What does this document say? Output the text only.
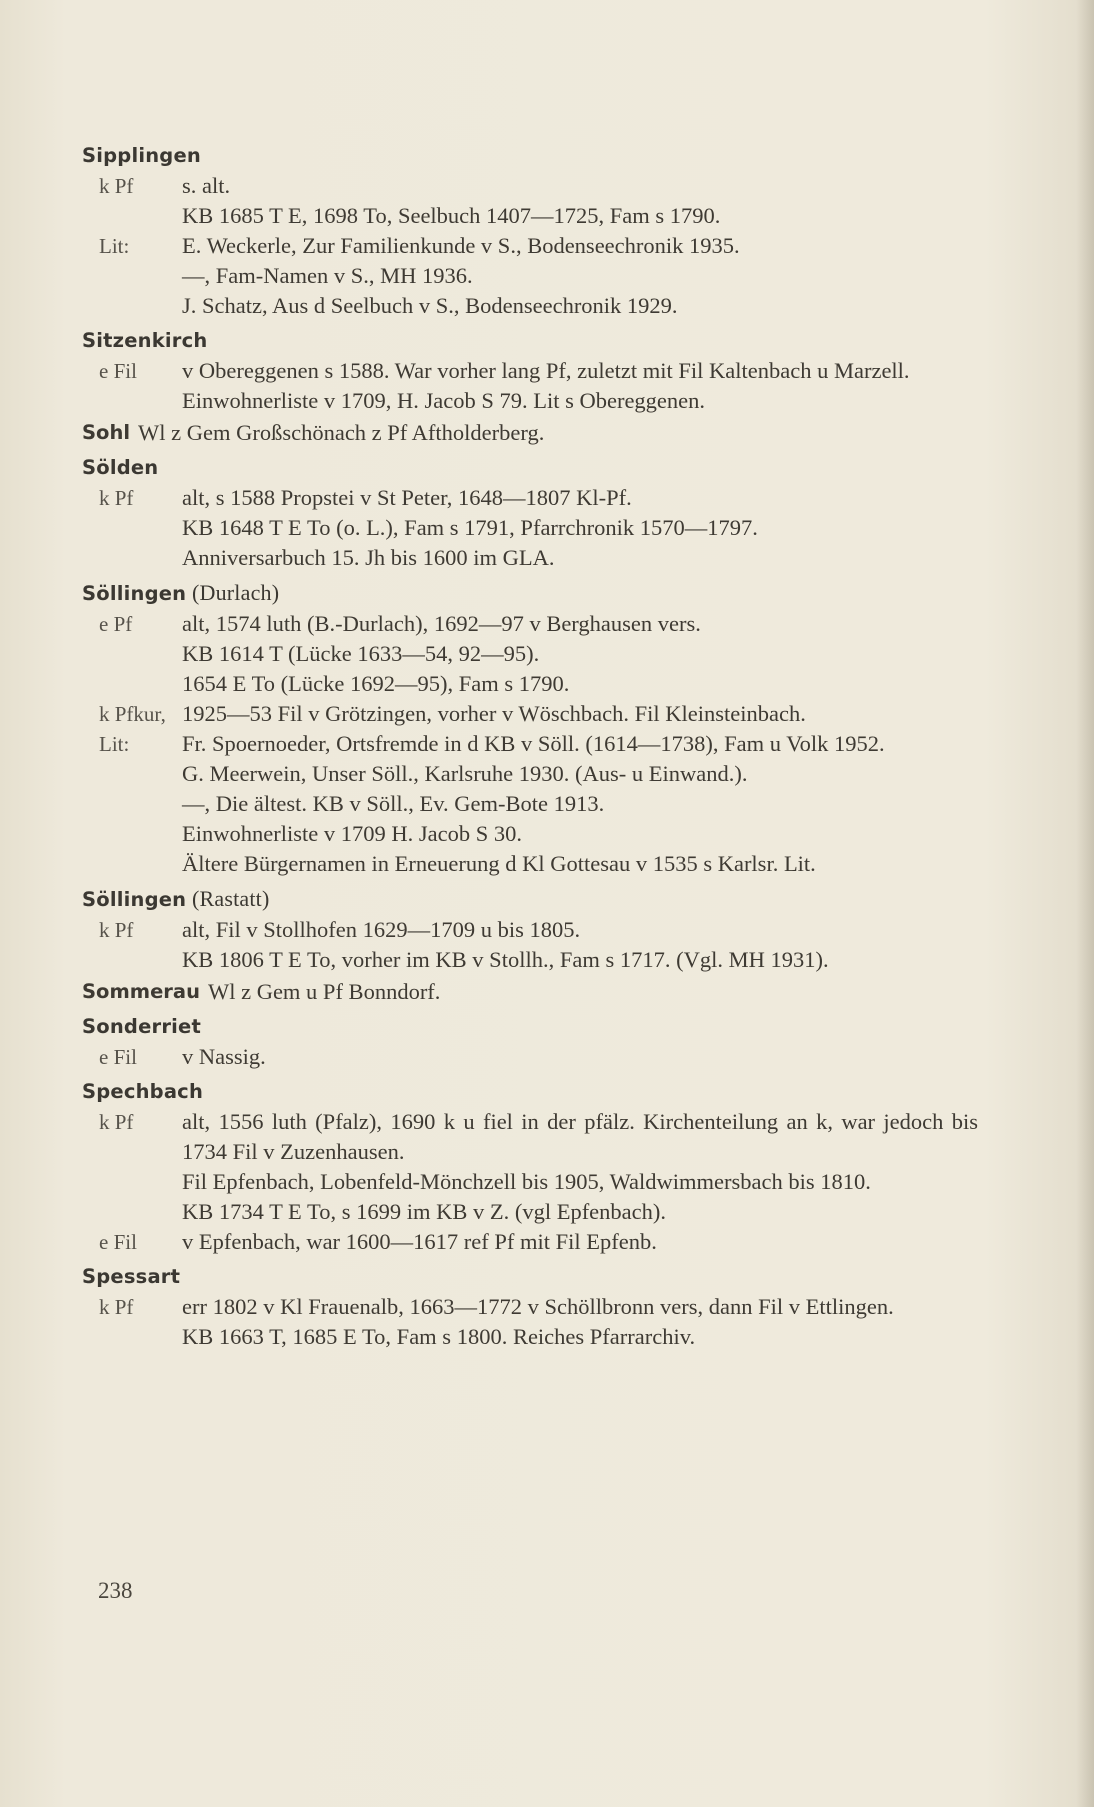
Sipplingen
k Pf	s. alt.
KB 1685 T E, 1698 To, Seelbuch 1407—1725, Fam s 1790.
Lit:	E. Weckerle, Zur Familienkunde v S., Bodenseechronik 1935.
—, Fam-Namen v S., MH 1936.
J. Schatz, Aus d Seelbuch v S., Bodenseechronik 1929.
Sitzenkirch
e Fil	v Obereggenen s 1588. War vorher lang Pf, zuletzt mit Fil Kaltenbach u Marzell.
Einwohnerliste v 1709, H. Jacob S 79. Lit s Obereggenen.
Sohl Wl z Gem Großschönach z Pf Aftholderberg.
Sölden
k Pf	alt, s 1588 Propstei v St Peter, 1648—1807 Kl-Pf.
KB 1648 T E To (o. L.), Fam s 1791, Pfarrchronik 1570—1797.
Anniversarbuch 15. Jh bis 1600 im GLA.
Söllingen (Durlach)
e Pf	alt, 1574 luth (B.-Durlach), 1692—97 v Berghausen vers.
KB 1614 T (Lücke 1633—54, 92—95).
1654 E To (Lücke 1692—95), Fam s 1790.
k Pfkur, 1925—53 Fil v Grötzingen, vorher v Wöschbach. Fil Kleinsteinbach.
Lit:	Fr. Spoernoeder, Ortsfremde in d KB v Söll. (1614—1738), Fam u Volk 1952.
G. Meerwein, Unser Söll., Karlsruhe 1930. (Aus- u Einwand.).
—, Die ältest. KB v Söll., Ev. Gem-Bote 1913.
Einwohnerliste v 1709 H. Jacob S 30.
Ältere Bürgernamen in Erneuerung d Kl Gottesau v 1535 s Karlsr. Lit.
Söllingen (Rastatt)
k Pf	alt, Fil v Stollhofen 1629—1709 u bis 1805.
KB 1806 T E To, vorher im KB v Stollh., Fam s 1717. (Vgl. MH 1931).
Sommerau Wl z Gem u Pf Bonndorf.
Sonderriet
e Fil	v Nassig.
Spechbach
k Pf	alt, 1556 luth (Pfalz), 1690 k u fiel in der pfälz. Kirchenteilung an k, war jedoch bis 1734 Fil v Zuzenhausen.
Fil Epfenbach, Lobenfeld-Mönchzell bis 1905, Waldwimmersbach bis 1810.
KB 1734 T E To, s 1699 im KB v Z. (vgl Epfenbach).
e Fil	v Epfenbach, war 1600—1617 ref Pf mit Fil Epfenb.
Spessart
k Pf	err 1802 v Kl Frauenalb, 1663—1772 v Schöllbronn vers, dann Fil v Ettlingen.
KB 1663 T, 1685 E To, Fam s 1800. Reiches Pfarrarchiv.
238
